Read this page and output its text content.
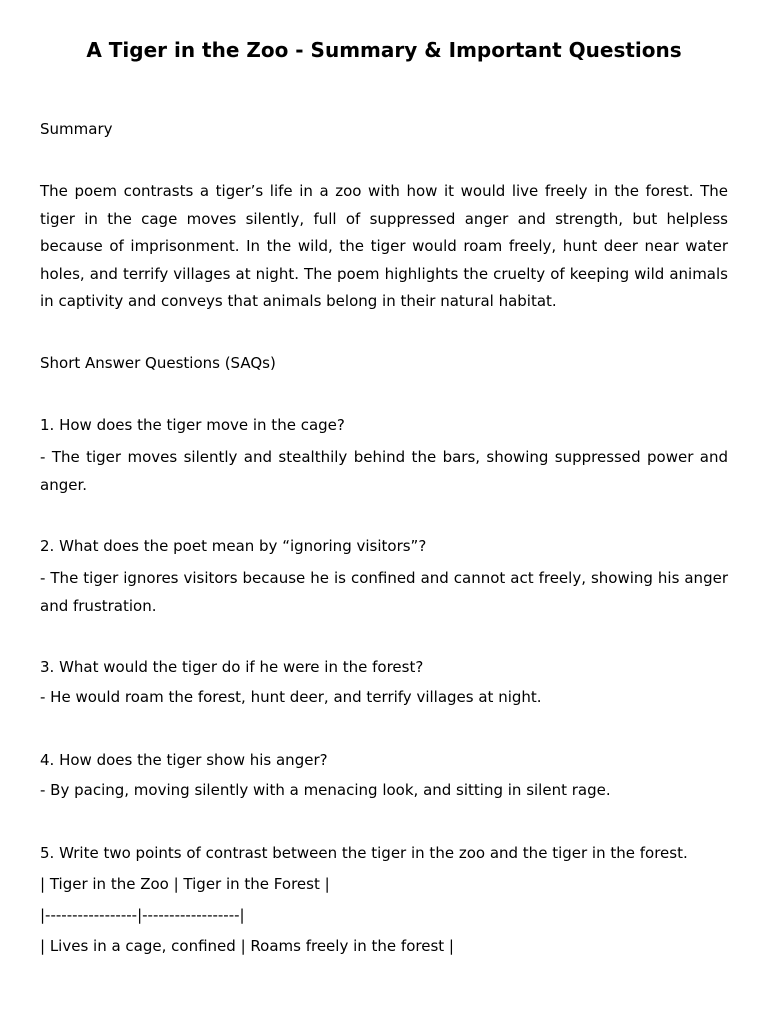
A Tiger in the Zoo - Summary & Important Questions

Summary

The poem contrasts a tiger’s life in a zoo with how it would live freely in the forest. The tiger in the cage moves silently, full of suppressed anger and strength, but helpless because of imprisonment. In the wild, the tiger would roam freely, hunt deer near water holes, and terrify villages at night. The poem highlights the cruelty of keeping wild animals in captivity and conveys that animals belong in their natural habitat.

Short Answer Questions (SAQs)

1. How does the tiger move in the cage?

- The tiger moves silently and stealthily behind the bars, showing suppressed power and anger.

2. What does the poet mean by “ignoring visitors”?

- The tiger ignores visitors because he is confined and cannot act freely, showing his anger and frustration.

3. What would the tiger do if he were in the forest?

- He would roam the forest, hunt deer, and terrify villages at night.

4. How does the tiger show his anger?

- By pacing, moving silently with a menacing look, and sitting in silent rage.

5. Write two points of contrast between the tiger in the zoo and the tiger in the forest.

| Tiger in the Zoo | Tiger in the Forest |

|-----------------|------------------|

| Lives in a cage, confined | Roams freely in the forest |
